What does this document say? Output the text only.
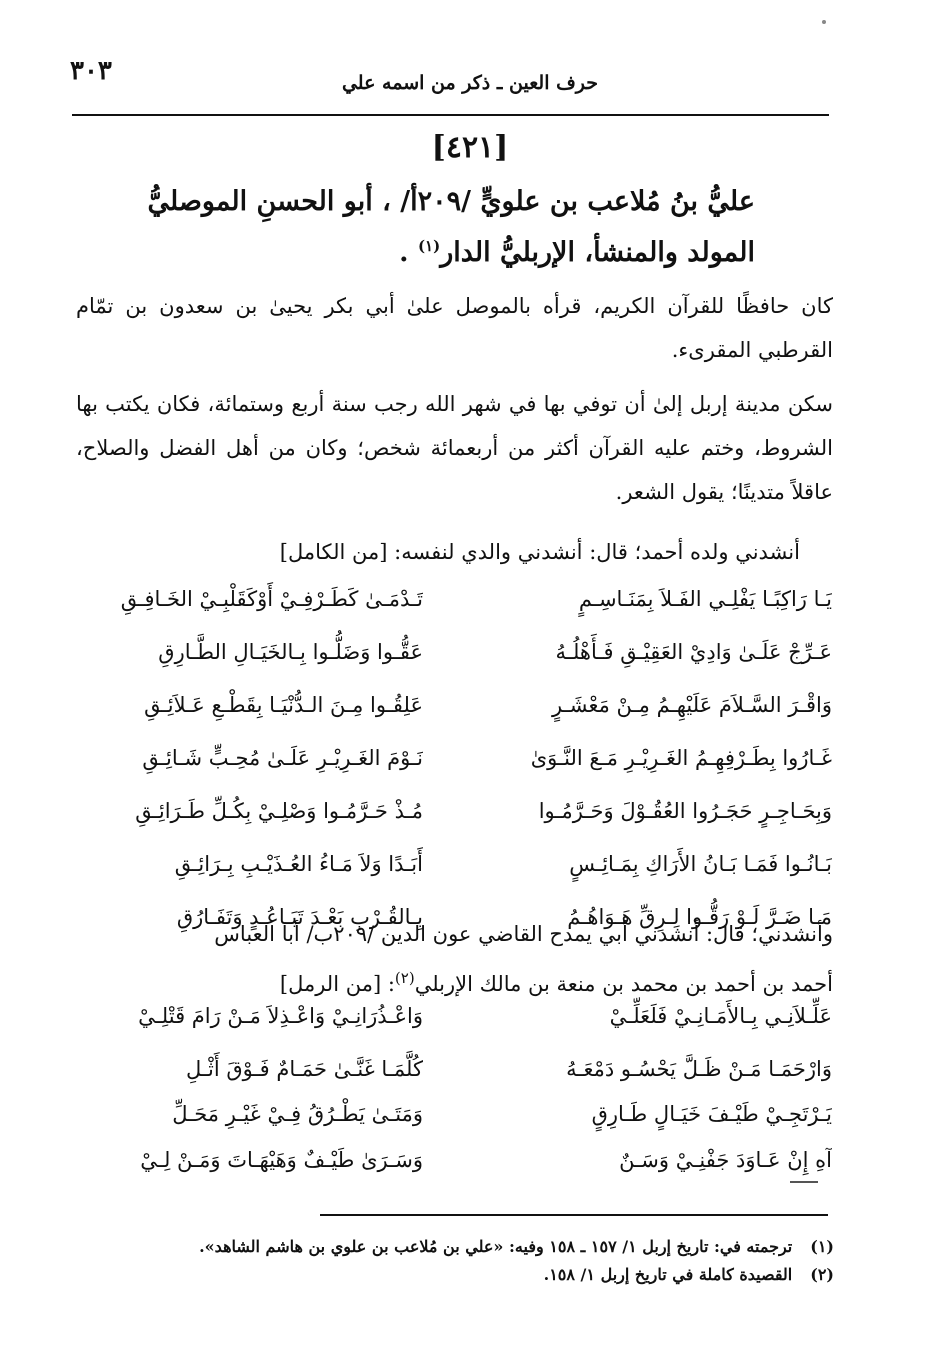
٣٠٣	حرف العين ـ ذكر من اسمه علي
[٤٢١]

عليُّ بنُ مُلاعب بن علويٍّ /٢٠٩أ/ ، أبو الحسنِ الموصليُّ

المولد والمنشأ، الإربليُّ الدار$^{(١)}$ .

كان حافظًا للقرآن الكريم، قرأه بالموصل علىٰ أبي بكر يحيىٰ بن سعدون بن تمّام القرطبي المقرىء.

سكن مدينة إربل إلىٰ أن توفي بها في شهر الله رجب سنة أربع وستمائة، فكان يكتب بها الشروط، وختم عليه القرآن أكثر من أربعمائة شخص؛ وكان من أهل الفضل والصلاح، عاقلاً متدينًا؛ يقول الشعر.

أنشدني ولده أحمد؛ قال: أنشدني والدي لنفسه: [من الكامل]
يَـا رَاكِبًـا يَفْلِـي الفَـلاَ بِمَنَـاسِـمٍ
تَـدْمَـىٰ كَطَـرْفِـيْ أَوْكَقَلْبِـيْ الخَـافِـقِ
عَـرِّجْ عَلَـىٰ وَادِيْ العَقِيْـقِ فَـأَهْلُـهُ
عَقُّـوا وَضَلُّـوا بِـالخَيَـالِ الطَّـارِقِ
وَاقْـرَ السَّـلاَمَ عَلَيْهِـمُ مِـنْ مَعْشَـرٍ
عَلِقُـوا مِـنَ الـدُّنْيَـا بِقَطْـعِ عَـلاَئِـقِ
غَـارُوا بِطَـرْفِهِـمُ الغَـرِيْـرِ مَـعَ النَّـوَىٰ
نَـوْمَ الغَـرِيْـرِ عَلَـىٰ مُحِـبٍّ شَـائِـقِ
وَبِحَـاجِـرٍ حَجَـرُوا العُقُـوْلَ وَحَـرَّمُـوا
مُـذْ حَـرَّمُـوا وَصْلِـيْ بِكُـلِّ طَـرَائِـقِ
بَـانُـوا فَمَـا بَـانُ الأَرَاكِ بِمَـائِـسٍ
أَبَـدًا وَلاَ مَـاءُ العُـذَيْـبِ بِـرَائِـقِ
مَـا ضَـرَّ لَـوْ رَقُّـوا لِـرِقِّ هَـوَاهُـمُ
بِـالقُـرْبِ بَعْـدَ تَبَـاعُـدٍ وَتَفَـارُقِ

وأنشدني؛ قال: أنشدني أبي يمدح القاضي عون الدين /٢٠٩ب/ أبا العباس

أحمد بن أحمد بن محمد بن منعة بن مالك الإربلي$^{(٢)}$: [من الرمل]

عَلِّـلاَنِـي بِـالأَمَـانِـيْ فَلَعَلِّـيْ
وَاعْـذُرَانِـيْ وَاعْـذِلاَ مَـنْ رَامَ قَتْلِـيْ
وَارْحَمَـا مَـنْ ظَـلَّ يَحْسُـو دَمْعَـهُ
كُلَّمَـا غَنَّـىٰ حَمَـامٌ فَـوْقَ أَثْـلِ
يَـرْتَجِـيْ طَيْـفَ خَيَـالٍ طَـارِقٍ
وَمَتَـىٰ يَطْـرُقُ فِـيْ غَيْـرِ مَحَـلِّ
آهِ إِنْ عَـاوَدَ جَفْنِـيْ وَسَـنٌ
وَسَـرَىٰ طَيْـفٌ وَهَيْهَـاتَ وَمَـنْ لِـيْ
(١)ترجمته في: تاريخ إربل ١/ ١٥٧ ـ ١٥٨ وفيه: «علي بن مُلاعب بن علوي بن هاشم الشاهد».
(٢)القصيدة كاملة في تاريخ إربل ١/ ١٥٨.
